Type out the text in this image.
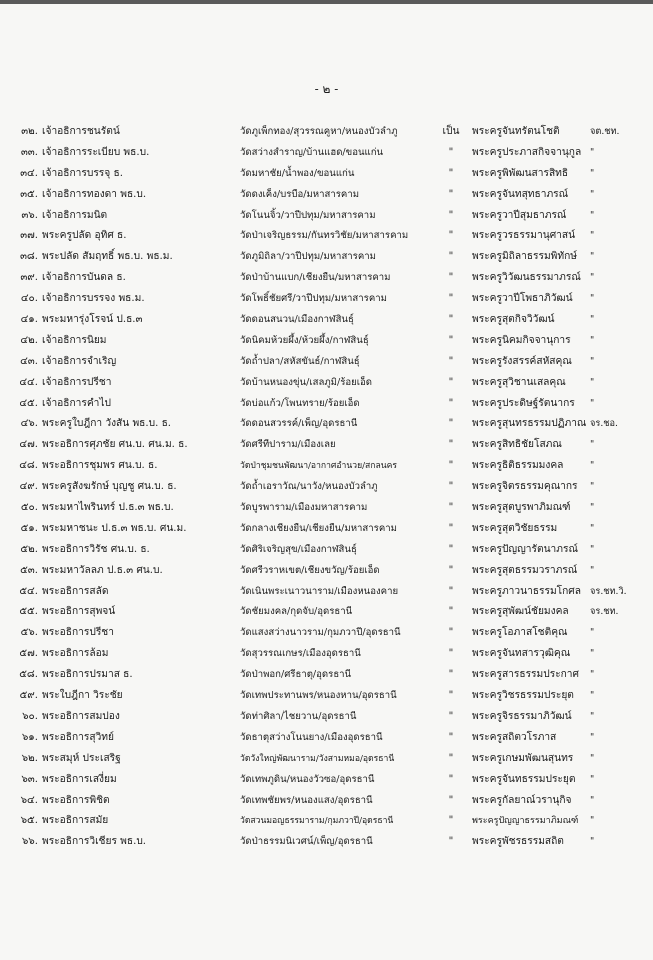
- ๒ -
๓๒. เจ้าอธิการชนรัตน์	วัดภูเพ็กทอง/สุวรรณคูหา/หนองบัวลำภู	เป็น พระครูจันทรัตนโชติ	จต.ชท.
๓๓. เจ้าอธิการระเบียบ พธ.บ.	วัดสว่างสำราญ/บ้านแฮด/ขอนแก่น	"	พระครูประภาสกิจจานุกูล "
๓๔. เจ้าอธิการบรรจุ ธ.	วัดมหาชัย/น้ำพอง/ขอนแก่น	"	พระครูพิพัฒนสารสิทธิ "
๓๕. เจ้าอธิการทองดา พธ.บ.	วัดดงเค็ง/บรบือ/มหาสารคาม	"	พระครูจันทสุทธาภรณ์ "
๓๖. เจ้าอธิการมนิต	วัดโนนจิ้ว/วาปีปทุม/มหาสารคาม	"	พระครูวาปีสุมธาภรณ์	"
๓๗. พระครูปลัด อุทิศ ธ.	วัดป่าเจริญธรรม/กันทรวิชัย/มหาสารคาม	"	พระครูวรธรรมานุศาสน์ "
๓๘. พระปลัด สัมฤทธิ์ พธ.บ. พธ.ม.	วัดภูมิถิลา/วาปีปทุม/มหาสารคาม	"	พระครูมิถิลาธรรมพิทักษ์ "
๓๙. เจ้าอธิการบันดล ธ.	วัดป่าบ้านแบก/เชียงยืน/มหาสารคาม	"	พระครูวิวัฒนธรรมาภรณ์ "
๔๐. เจ้าอธิการบรรจง พธ.ม.	วัดโพธิ์ชัยศรี/วาปีปทุม/มหาสารคาม	"	พระครูวาปีโพธาภิวัฒน์ "
๔๑. พระมหารุ่งโรจน์ ป.ธ.๓	วัดดอนสนวน/เมืองกาฬสินธุ์	"	พระครูสุตกิจวิวัฒน์	"
๔๒. เจ้าอธิการนิยม	วัดนิคมห้วยผึ้ง/ห้วยผึ้ง/กาฬสินธุ์	"	พระครูนิคมกิจจานุการ "
๔๓. เจ้าอธิการจำเริญ	วัดถ้ำปลา/สหัสขันธ์/กาฬสินธุ์	"	พระครูรังสรรค์สหัสคุณ "
๔๔. เจ้าอธิการปรีชา	วัดบ้านหนองขุ่น/เสลภูมิ/ร้อยเอ็ด	"	พระครูสุวิชานเสลคุณ	"
๔๕. เจ้าอธิการคำไป	วัดบ่อแก้ว/โพนทราย/ร้อยเอ็ด	"	พระครูประดิษฐ์รัตนากร "
๔๖. พระครูใบฎีกา วังสัน พธ.บ. ธ.	วัดดอนสวรรค์/เพ็ญ/อุดรธานี	"	พระครูสุนทรธรรมปฏิภาณ จร.ชอ.
๔๗. พระอธิการศุภชัย ศน.บ. ศน.ม. ธ.	วัดศรีทีปาราม/เมืองเลย	"	พระครูสิทธิชัยโสภณ	"
๔๘. พระอธิการชุมพร ศน.บ. ธ.	วัดป่าชุมชนพัฒนา/อากาศอำนวย/สกลนคร	"	พระครูธิติธรรมมงคล	"
๔๙. พระครูสังฆรักษ์ บุญชู ศน.บ. ธ.	วัดถ้ำเอราวัณ/นาวัง/หนองบัวลำภู	"	พระครูจิตรธรรมคุณากร "
๕๐. พระมหาไพรินทร์ ป.ธ.๓ พธ.บ.	วัดบูรพาราม/เมืองมหาสารคาม	"	พระครูสุตบูรพาภิมณฑ์ "
๕๑. พระมหาชนะ ป.ธ.๓ พธ.บ. ศน.ม.	วัดกลางเชียงยืน/เชียงยืน/มหาสารคาม	"	พระครูสุตวิชัยธรรม	"
๕๒. พระอธิการวิรัช ศน.บ. ธ.	วัดศิริเจริญสุข/เมืองกาฬสินธุ์	"	พระครูปัญญารัตนาภรณ์ "
๕๓. พระมหาวัลลภ ป.ธ.๓ ศน.บ.	วัดศรีวราหเขต/เชียงขวัญ/ร้อยเอ็ด	"	พระครูสุตธรรมวราภรณ์ "
๕๔. พระอธิการสลัด	วัดเนินพระเนาวนาราม/เมืองหนองคาย	"	พระครูภาวนาธรรมโกศล จร.ชท.วิ.
๕๕. พระอธิการสุพจน์	วัดชัยมงคล/กุดจับ/อุดรธานี	"	พระครูสุพัฒน์ชัยมงคล จร.ชท.
๕๖. พระอธิการปรีชา	วัดแสงสว่างนาวราม/กุมภวาปี/อุดรธานี	"	พระครูโอภาสโชติคุณ "
๕๗. พระอธิการล้อม	วัดสุวรรณเกษร/เมืองอุดรธานี	"	พระครูจันทสารวุฒิคุณ "
๕๘. พระอธิการปรมาส ธ.	วัดป่าพอก/ศรีธาตุ/อุดรธานี	"	พระครูสารธรรมประกาศ "
๕๙. พระใบฎีกา วิระชัย	วัดเทพประทานพร/หนองหาน/อุดรธานี	"	พระครูวิชรธรรมประยุต "
๖๐. พระอธิการสมปอง	วัดท่าศิลา/ไชยวาน/อุดรธานี	"	พระครูจิรธรรมาภิวัฒน์ "
๖๑. พระอธิการสุวิทย์	วัดธาตุสว่างโนนยาง/เมืองอุดรธานี	"	พระครูสถิตวโรภาส	"
๖๒. พระสมุห์ ประเสริฐ	วัดวังใหญ่พัฒนาราม/วังสามหมอ/อุดรธานี	"	พระครูเกษมพัฒนสุนทร "
๖๓. พระอธิการเสงี่ยม	วัดเทพภูดิน/หนองวัวซอ/อุดรธานี	"	พระครูจันทธรรมประยุต "
๖๔. พระอธิการพิชิต	วัดเทพชัยพร/หนองแสง/อุดรธานี	"	พระครูกัลยาณ์วรานุกิจ "
๖๕. พระอธิการสมัย	วัดสวนมอญธรรมาราม/กุมภวาปี/อุดรธานี	"	พระครูปัญญาธรรมาภิมณฑ์ "
๖๖. พระอธิการวิเชียร พธ.บ.	วัดป่าธรรมนิเวศน์/เพ็ญ/อุดรธานี	"	พระครูพัชรธรรมสถิต	"
